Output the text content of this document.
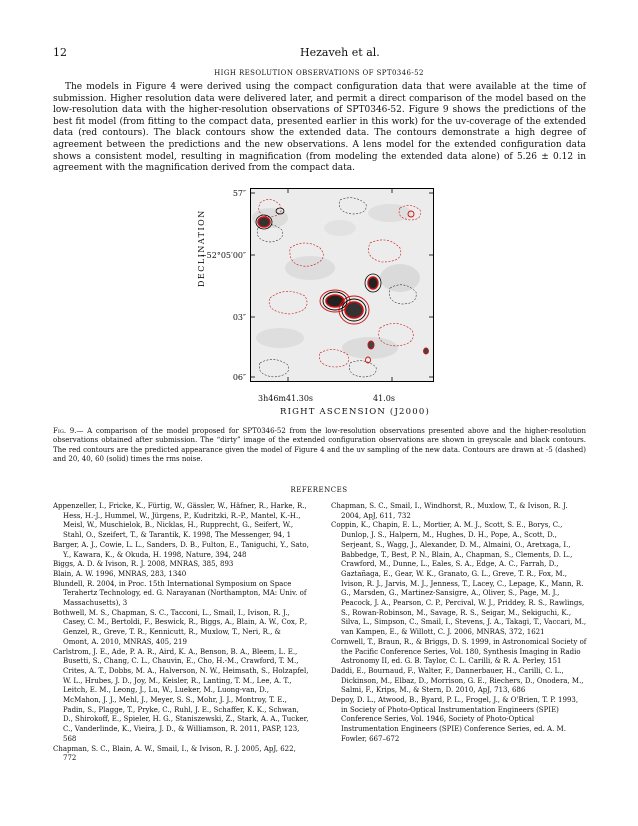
12	Hezaveh et al.
HIGH RESOLUTION OBSERVATIONS OF SPT0346-52

The models in Figure 4 were derived using the compact configuration data that were available at the time of submission. Higher resolution data were delivered later, and permit a direct comparison of the model based on the low-resolution data with the higher-resolution observations of SPT0346-52. Figure 9 shows the predictions of the best fit model (from fitting to the compact data, presented earlier in this work) for the uv-coverage of the extended data (red contours). The black contours show the extended data. The contours demonstrate a high degree of agreement between the predictions and the new observations. A lens model for the extended configuration data shows a consistent model, resulting in magnification (from modeling the extended data alone) of 5.26 ± 0.12 in agreement with the magnification derived from the compact data.

DECLINATION
57″
−52°05′00″
03″
06″
3h46m41.30s	41.0s
RIGHT ASCENSION (J2000)
Fig. 9.— A comparison of the model proposed for SPT0346-52 from the low-resolution observations presented above and the higher-resolution observations obtained after submission. The “dirty” image of the extended configuration observations are shown in greyscale and black contours. The red contours are the predicted appearance given the model of Figure 4 and the uv sampling of the new data. Contours are drawn at -5 (dashed) and 20, 40, 60 (solid) times the rms noise.
REFERENCES
Appenzeller, I., Fricke, K., Fürtig, W., Gässler, W., Häfner, R., Harke, R., Hess, H.-J., Hummel, W., Jürgens, P., Kudritzki, R.-P., Mantel, K.-H., Meisl, W., Muschielok, B., Nicklas, H., Rupprecht, G., Seifert, W., Stahl, O., Szeifert, T., & Tarantik, K. 1998, The Messenger, 94, 1
Barger, A. J., Cowie, L. L., Sanders, D. B., Fulton, E., Taniguchi, Y., Sato, Y., Kawara, K., & Okuda, H. 1998, Nature, 394, 248
Biggs, A. D. & Ivison, R. J. 2008, MNRAS, 385, 893
Blain, A. W. 1996, MNRAS, 283, 1340
Blundell, R. 2004, in Proc. 15th International Symposium on Space Terahertz Technology, ed. G. Narayanan (Northampton, MA: Univ. of Massachusetts), 3
Bothwell, M. S., Chapman, S. C., Tacconi, L., Smail, I., Ivison, R. J., Casey, C. M., Bertoldi, F., Beswick, R., Biggs, A., Blain, A. W., Cox, P., Genzel, R., Greve, T. R., Kennicutt, R., Muxlow, T., Neri, R., & Omont, A. 2010, MNRAS, 405, 219
Carlstrom, J. E., Ade, P. A. R., Aird, K. A., Benson, B. A., Bleem, L. E., Busetti, S., Chang, C. L., Chauvin, E., Cho, H.-M., Crawford, T. M., Crites, A. T., Dobbs, M. A., Halverson, N. W., Heimsath, S., Holzapfel, W. L., Hrubes, J. D., Joy, M., Keisler, R., Lanting, T. M., Lee, A. T., Leitch, E. M., Leong, J., Lu, W., Lueker, M., Luong-van, D., McMahon, J. J., Mehl, J., Meyer, S. S., Mohr, J. J., Montroy, T. E., Padin, S., Plagge, T., Pryke, C., Ruhl, J. E., Schaffer, K. K., Schwan, D., Shirokoff, E., Spieler, H. G., Staniszewski, Z., Stark, A. A., Tucker, C., Vanderlinde, K., Vieira, J. D., & Williamson, R. 2011, PASP, 123, 568
Chapman, S. C., Blain, A. W., Smail, I., & Ivison, R. J. 2005, ApJ, 622, 772
Chapman, S. C., Smail, I., Windhorst, R., Muxlow, T., & Ivison, R. J. 2004, ApJ, 611, 732
Coppin, K., Chapin, E. L., Mortier, A. M. J., Scott, S. E., Borys, C., Dunlop, J. S., Halpern, M., Hughes, D. H., Pope, A., Scott, D., Serjeant, S., Wagg, J., Alexander, D. M., Almaini, O., Aretxaga, I., Babbedge, T., Best, P. N., Blain, A., Chapman, S., Clements, D. L., Crawford, M., Dunne, L., Eales, S. A., Edge, A. C., Farrah, D., Gaztañaga, E., Gear, W. K., Granato, G. L., Greve, T. R., Fox, M., Ivison, R. J., Jarvis, M. J., Jenness, T., Lacey, C., Lepage, K., Mann, R. G., Marsden, G., Martinez-Sansigre, A., Oliver, S., Page, M. J., Peacock, J. A., Pearson, C. P., Percival, W. J., Priddey, R. S., Rawlings, S., Rowan-Robinson, M., Savage, R. S., Seigar, M., Sekiguchi, K., Silva, L., Simpson, C., Smail, I., Stevens, J. A., Takagi, T., Vaccari, M., van Kampen, E., & Willott, C. J. 2006, MNRAS, 372, 1621
Cornwell, T., Braun, R., & Briggs, D. S. 1999, in Astronomical Society of the Pacific Conference Series, Vol. 180, Synthesis Imaging in Radio Astronomy II, ed. G. B. Taylor, C. L. Carilli, & R. A. Perley, 151
Daddi, E., Bournaud, F., Walter, F., Dannerbauer, H., Carilli, C. L., Dickinson, M., Elbaz, D., Morrison, G. E., Riechers, D., Onodera, M., Salmi, F., Krips, M., & Stern, D. 2010, ApJ, 713, 686
Depoy, D. L., Atwood, B., Byard, P. L., Frogel, J., & O'Brien, T. P. 1993, in Society of Photo-Optical Instrumentation Engineers (SPIE) Conference Series, Vol. 1946, Society of Photo-Optical Instrumentation Engineers (SPIE) Conference Series, ed. A. M. Fowler, 667–672
